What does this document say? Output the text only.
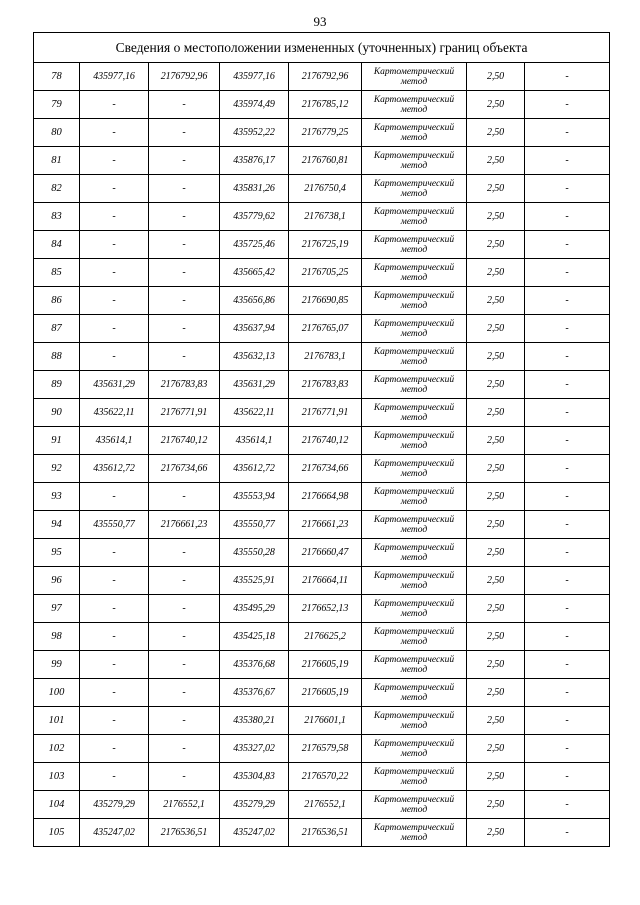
93
Сведения о местоположении измененных (уточненных) границ объекта							
78	435977,16	2176792,96	435977,16	2176792,96	Картометрический
метод	2,50	-
79	-	-	435974,49	2176785,12	Картометрический
метод	2,50	-
80	-	-	435952,22	2176779,25	Картометрический
метод	2,50	-
81	-	-	435876,17	2176760,81	Картометрический
метод	2,50	-
82	-	-	435831,26	2176750,4	Картометрический
метод	2,50	-
83	-	-	435779,62	2176738,1	Картометрический
метод	2,50	-
84	-	-	435725,46	2176725,19	Картометрический
метод	2,50	-
85	-	-	435665,42	2176705,25	Картометрический
метод	2,50	-
86	-	-	435656,86	2176690,85	Картометрический
метод	2,50	-
87	-	-	435637,94	2176765,07	Картометрический
метод	2,50	-
88	-	-	435632,13	2176783,1	Картометрический
метод	2,50	-
89	435631,29	2176783,83	435631,29	2176783,83	Картометрический
метод	2,50	-
90	435622,11	2176771,91	435622,11	2176771,91	Картометрический
метод	2,50	-
91	435614,1	2176740,12	435614,1	2176740,12	Картометрический
метод	2,50	-
92	435612,72	2176734,66	435612,72	2176734,66	Картометрический
метод	2,50	-
93	-	-	435553,94	2176664,98	Картометрический
метод	2,50	-
94	435550,77	2176661,23	435550,77	2176661,23	Картометрический
метод	2,50	-
95	-	-	435550,28	2176660,47	Картометрический
метод	2,50	-
96	-	-	435525,91	2176664,11	Картометрический
метод	2,50	-
97	-	-	435495,29	2176652,13	Картометрический
метод	2,50	-
98	-	-	435425,18	2176625,2	Картометрический
метод	2,50	-
99	-	-	435376,68	2176605,19	Картометрический
метод	2,50	-
100	-	-	435376,67	2176605,19	Картометрический
метод	2,50	-
101	-	-	435380,21	2176601,1	Картометрический
метод	2,50	-
102	-	-	435327,02	2176579,58	Картометрический
метод	2,50	-
103	-	-	435304,83	2176570,22	Картометрический
метод	2,50	-
104	435279,29	2176552,1	435279,29	2176552,1	Картометрический
метод	2,50	-
105	435247,02	2176536,51	435247,02	2176536,51	Картометрический
метод	2,50	-
